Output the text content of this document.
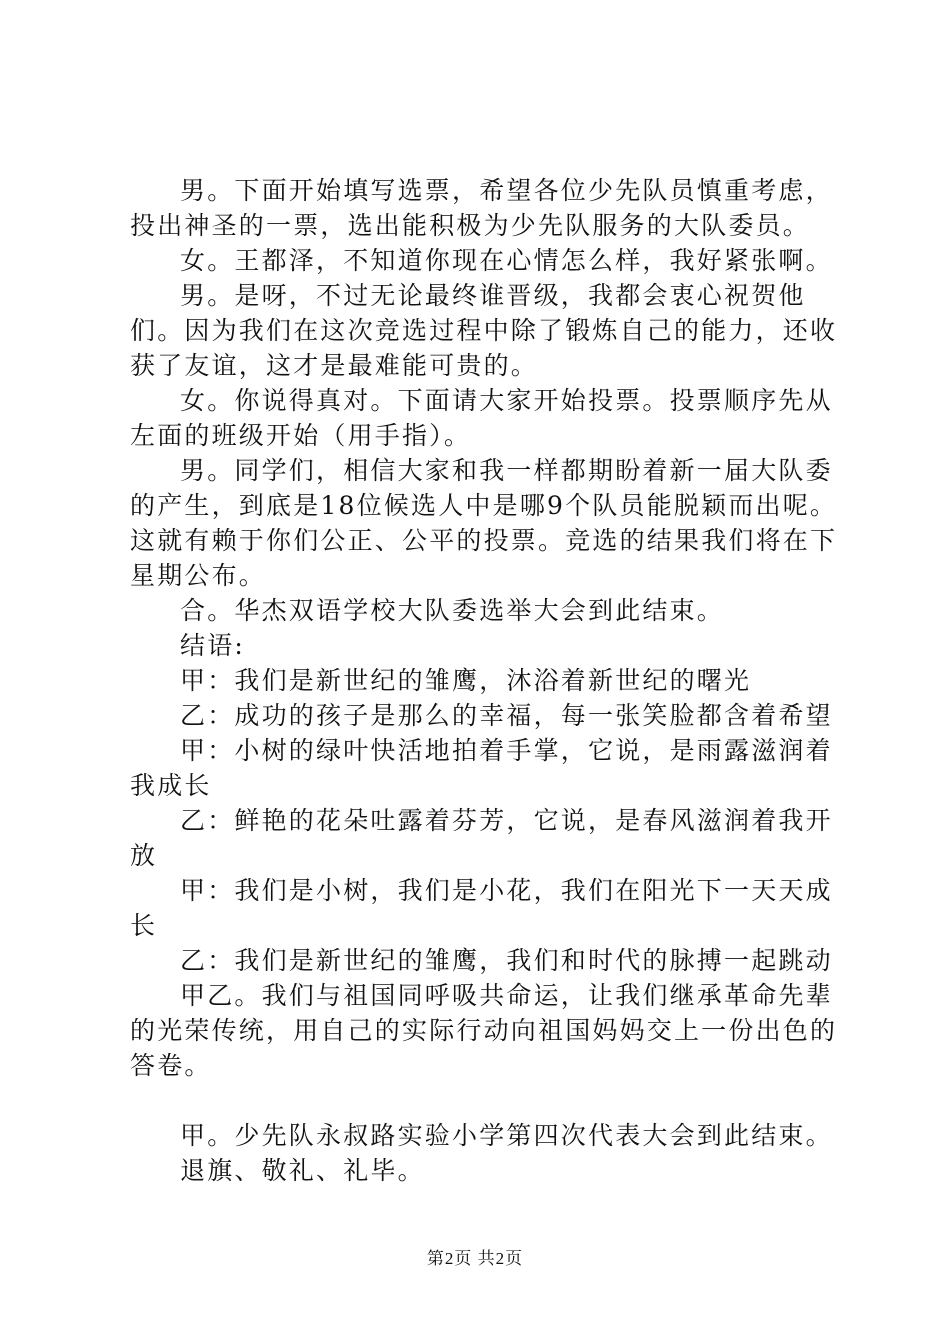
男。下面开始填写选票，希望各位少先队员慎重考虑，投出神圣的一票，选出能积极为少先队服务的大队委员。

女。王都泽，不知道你现在心情怎么样，我好紧张啊。

男。是呀，不过无论最终谁晋级，我都会衷心祝贺他们。因为我们在这次竞选过程中除了锻炼自己的能力，还收获了友谊，这才是最难能可贵的。

女。你说得真对。下面请大家开始投票。投票顺序先从左面的班级开始（用手指）。

男。同学们，相信大家和我一样都期盼着新一届大队委的产生，到底是18位候选人中是哪9个队员能脱颖而出呢。这就有赖于你们公正、公平的投票。竞选的结果我们将在下星期公布。

合。华杰双语学校大队委选举大会到此结束。

结语:

甲：我们是新世纪的雏鹰，沐浴着新世纪的曙光

乙：成功的孩子是那么的幸福，每一张笑脸都含着希望

甲：小树的绿叶快活地拍着手掌，它说，是雨露滋润着我成长

乙：鲜艳的花朵吐露着芬芳，它说，是春风滋润着我开放

甲：我们是小树，我们是小花，我们在阳光下一天天成长

乙：我们是新世纪的雏鹰，我们和时代的脉搏一起跳动

甲乙。我们与祖国同呼吸共命运，让我们继承革命先辈的光荣传统，用自己的实际行动向祖国妈妈交上一份出色的答卷。

甲。少先队永叔路实验小学第四次代表大会到此结束。

退旗、敬礼、礼毕。

第2页 共2页
